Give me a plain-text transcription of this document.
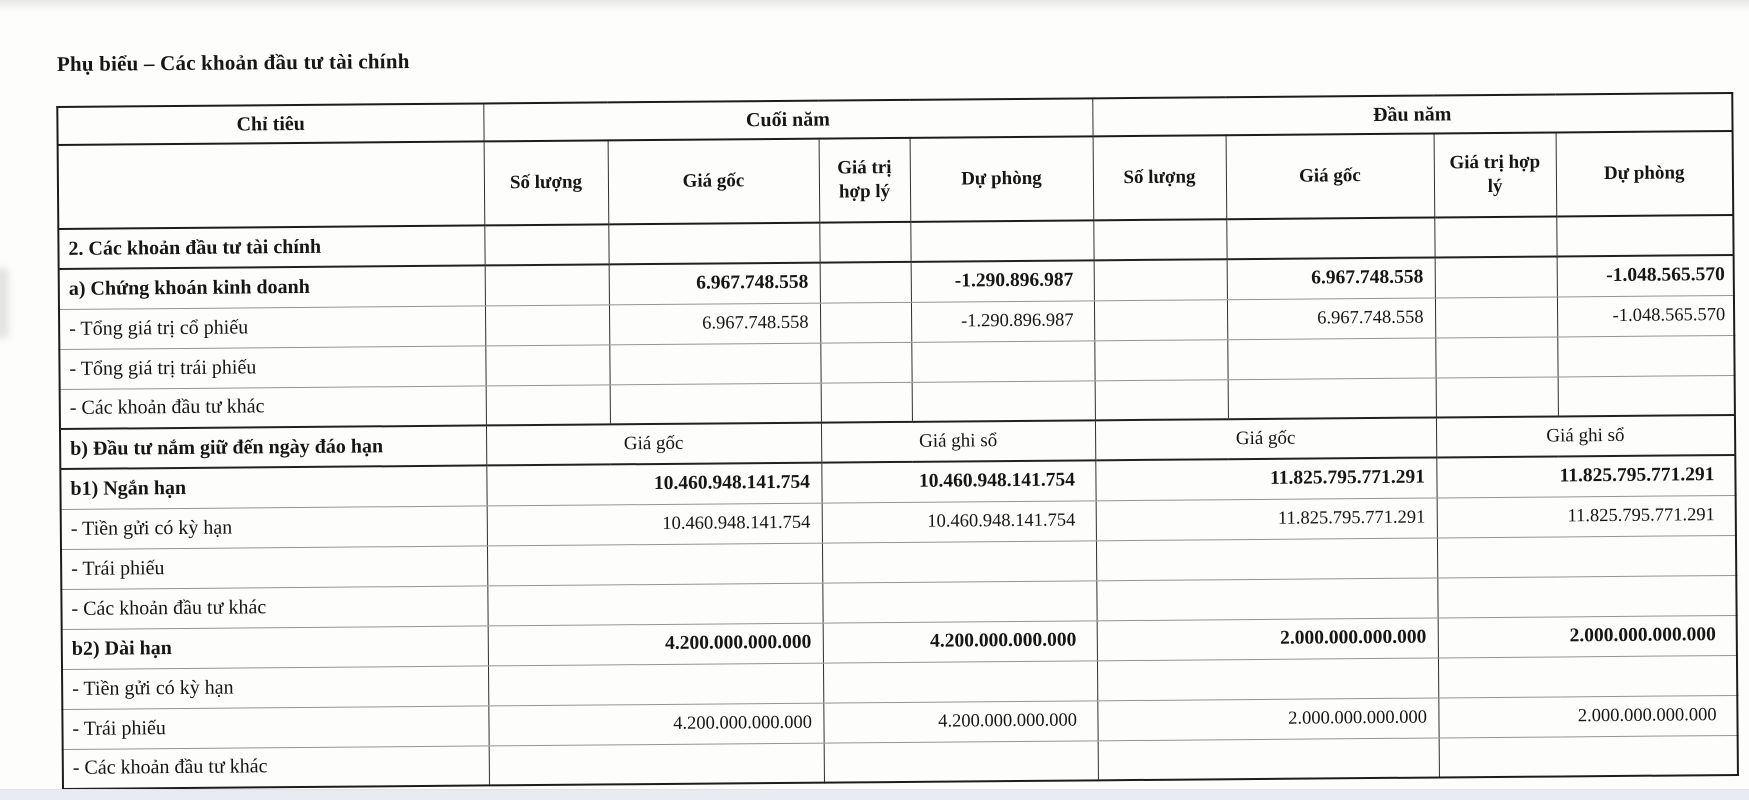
Phụ biểu – Các khoản đầu tư tài chính
Chỉ tiêu	Cuối năm				Đầu năm			
	Số lượng	Giá gốc	Giá trị hợp lý	Dự phòng	Số lượng	Giá gốc	Giá trị hợp lý	Dự phòng
2. Các khoản đầu tư tài chính								
a) Chứng khoán kinh doanh		6.967.748.558		-1.290.896.987		6.967.748.558		-1.048.565.570
- Tổng giá trị cổ phiếu		6.967.748.558		-1.290.896.987		6.967.748.558		-1.048.565.570
- Tổng giá trị trái phiếu								
- Các khoản đầu tư khác								
b) Đầu tư nắm giữ đến ngày đáo hạn	Giá gốc		Giá ghi sổ		Giá gốc		Giá ghi sổ	
b1) Ngắn hạn	10.460.948.141.754		10.460.948.141.754		11.825.795.771.291		11.825.795.771.291	
- Tiền gửi có kỳ hạn	10.460.948.141.754		10.460.948.141.754		11.825.795.771.291		11.825.795.771.291	
- Trái phiếu								
- Các khoản đầu tư khác								
b2) Dài hạn	4.200.000.000.000		4.200.000.000.000		2.000.000.000.000		2.000.000.000.000	
- Tiền gửi có kỳ hạn								
- Trái phiếu	4.200.000.000.000		4.200.000.000.000		2.000.000.000.000		2.000.000.000.000	
- Các khoản đầu tư khác								
